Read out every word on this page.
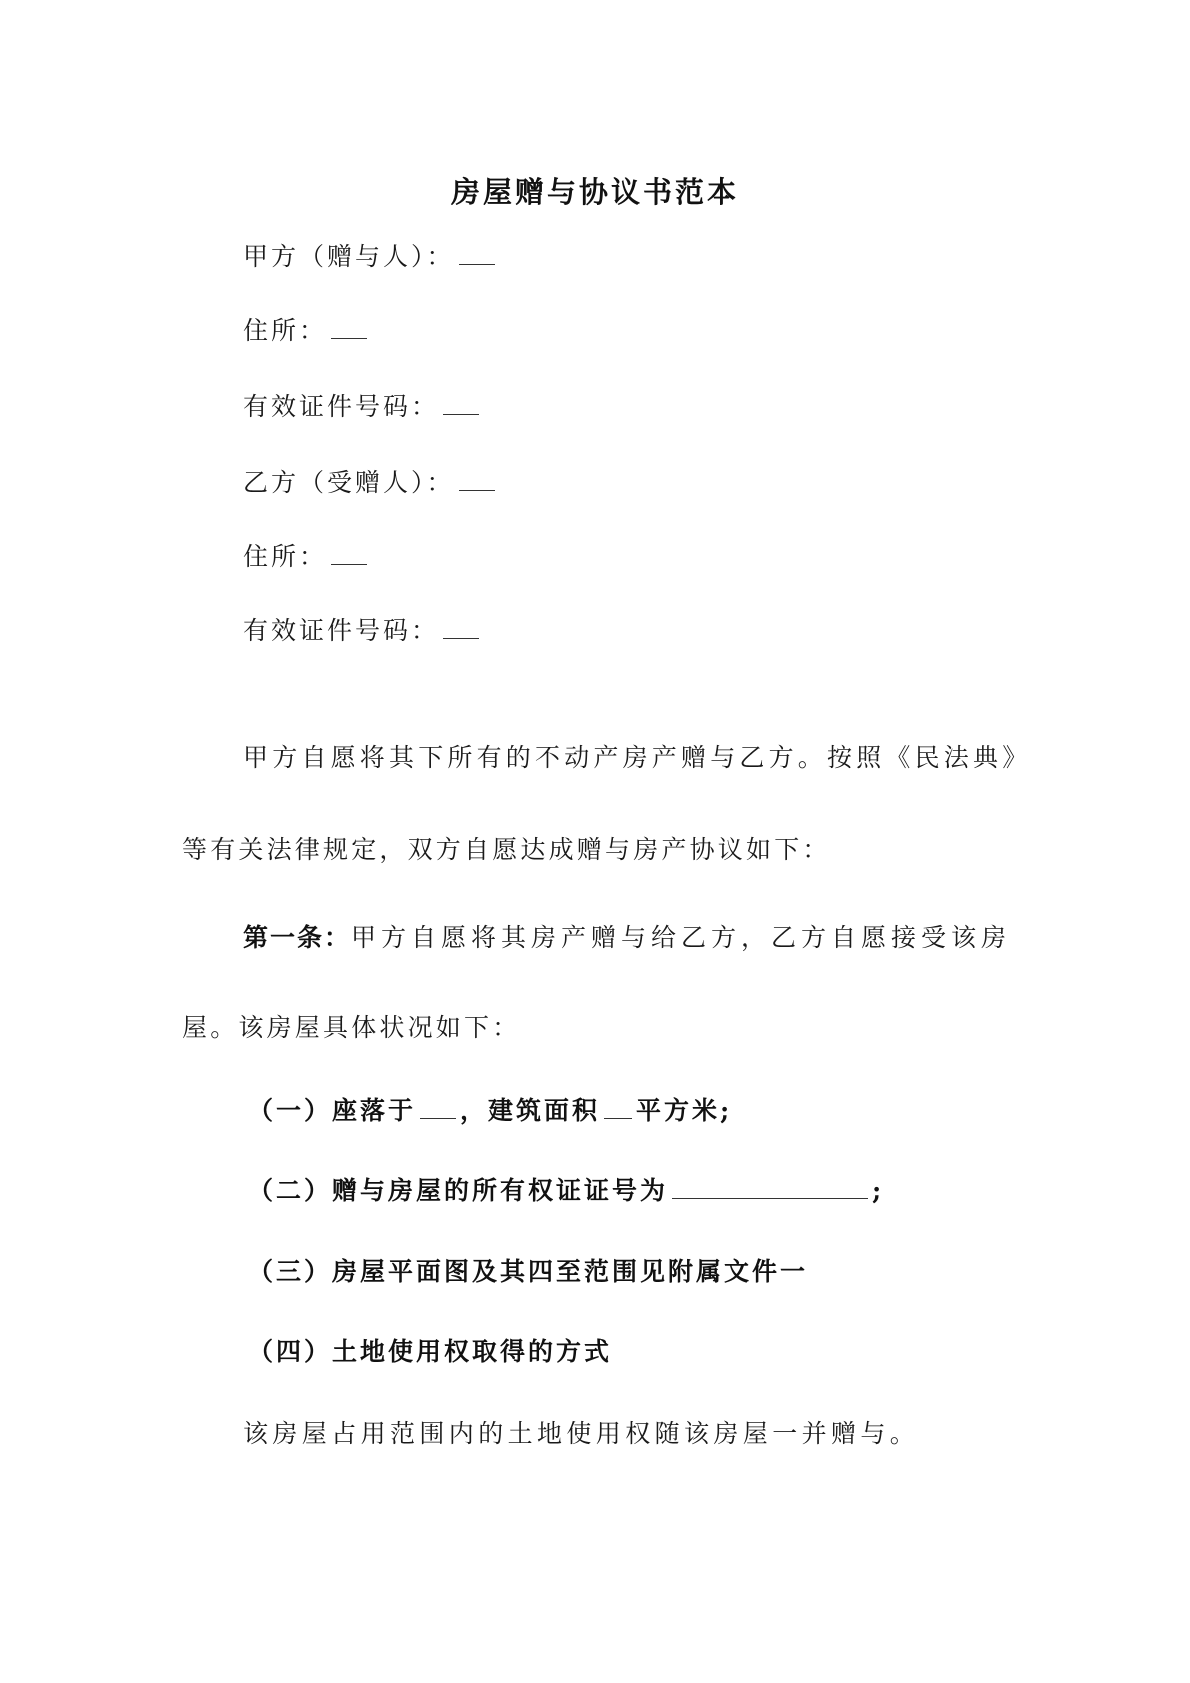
房屋赠与协议书范本
甲方（赠与人）：
住所：
有效证件号码：
乙方（受赠人）：
住所：
有效证件号码：
甲方自愿将其下所有的不动产房产赠与乙方。按照《民法典》
等有关法律规定，双方自愿达成赠与房产协议如下：
第一条：甲方自愿将其房产赠与给乙方，乙方自愿接受该房
屋。该房屋具体状况如下：
（一）座落于 ，建筑面积 平方米;
（二）赠与房屋的所有权证证号为	;
（三）房屋平面图及其四至范围见附属文件一
（四）土地使用权取得的方式
该房屋占用范围内的土地使用权随该房屋一并赠与。
